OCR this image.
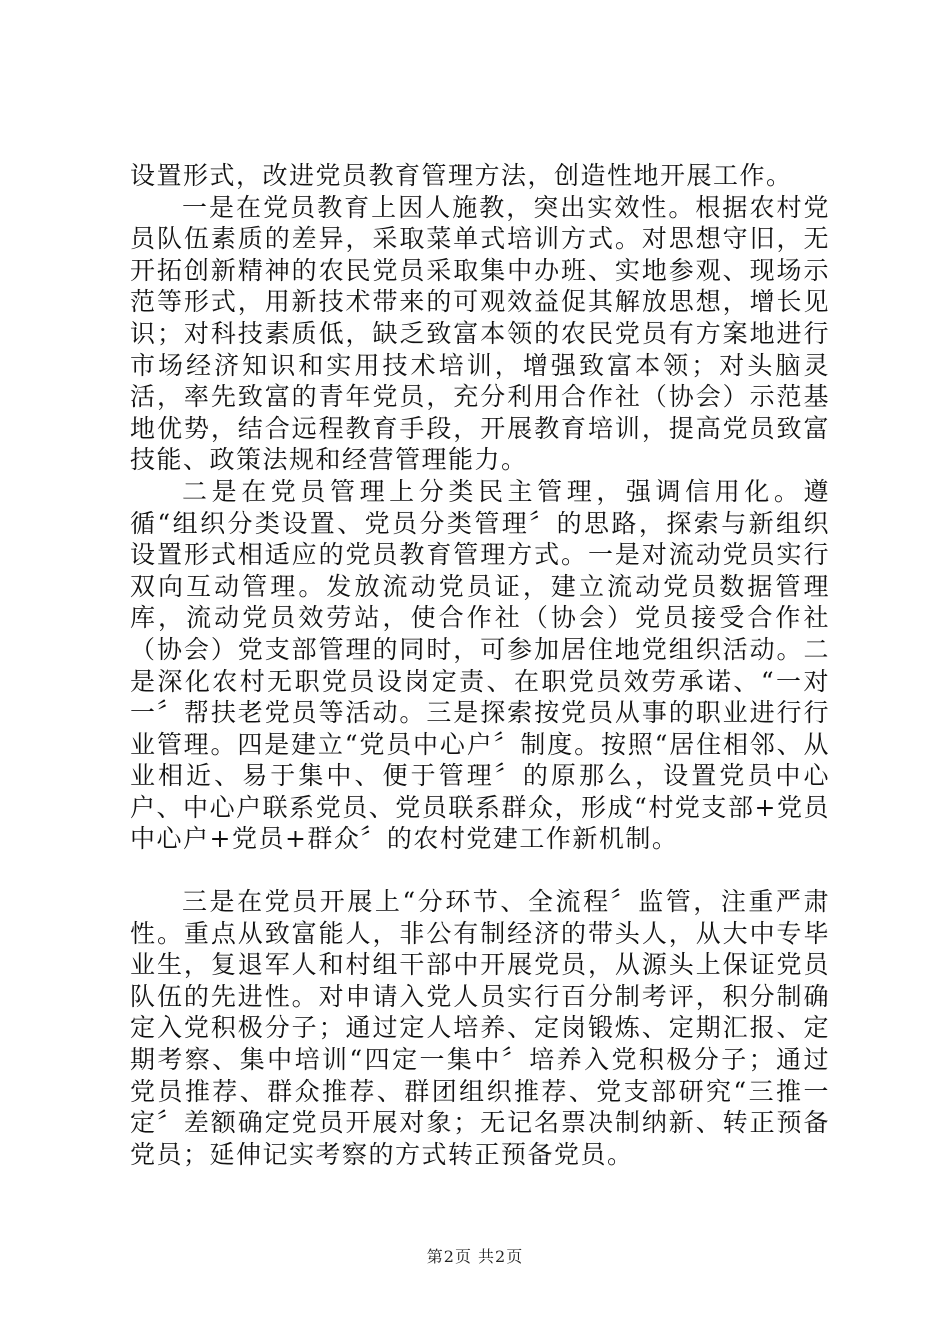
设置形式，改进党员教育管理方法，创造性地开展工作。

一是在党员教育上因人施教，突出实效性。根据农村党员队伍素质的差异，采取菜单式培训方式。对思想守旧，无开拓创新精神的农民党员采取集中办班、实地参观、现场示范等形式，用新技术带来的可观效益促其解放思想，增长见识；对科技素质低，缺乏致富本领的农民党员有方案地进行市场经济知识和实用技术培训，增强致富本领；对头脑灵活，率先致富的青年党员，充分利用合作社（协会）示范基地优势，结合远程教育手段，开展教育培训，提高党员致富技能、政策法规和经营管理能力。

二是在党员管理上分类民主管理，强调信用化。遵循“组织分类设置、党员分类管理〞的思路，探索与新组织设置形式相适应的党员教育管理方式。一是对流动党员实行双向互动管理。发放流动党员证，建立流动党员数据管理库，流动党员效劳站，使合作社（协会）党员接受合作社（协会）党支部管理的同时，可参加居住地党组织活动。二是深化农村无职党员设岗定责、在职党员效劳承诺、“一对一〞帮扶老党员等活动。三是探索按党员从事的职业进行行业管理。四是建立“党员中心户〞制度。按照“居住相邻、从业相近、易于集中、便于管理〞的原那么，设置党员中心户、中心户联系党员、党员联系群众，形成“村党支部+党员中心户+党员+群众〞的农村党建工作新机制。

三是在党员开展上“分环节、全流程〞监管，注重严肃性。重点从致富能人，非公有制经济的带头人，从大中专毕业生，复退军人和村组干部中开展党员，从源头上保证党员队伍的先进性。对申请入党人员实行百分制考评，积分制确定入党积极分子；通过定人培养、定岗锻炼、定期汇报、定期考察、集中培训“四定一集中〞培养入党积极分子；通过党员推荐、群众推荐、群团组织推荐、党支部研究“三推一定〞差额确定党员开展对象；无记名票决制纳新、转正预备党员；延伸记实考察的方式转正预备党员。

第2页 共2页
